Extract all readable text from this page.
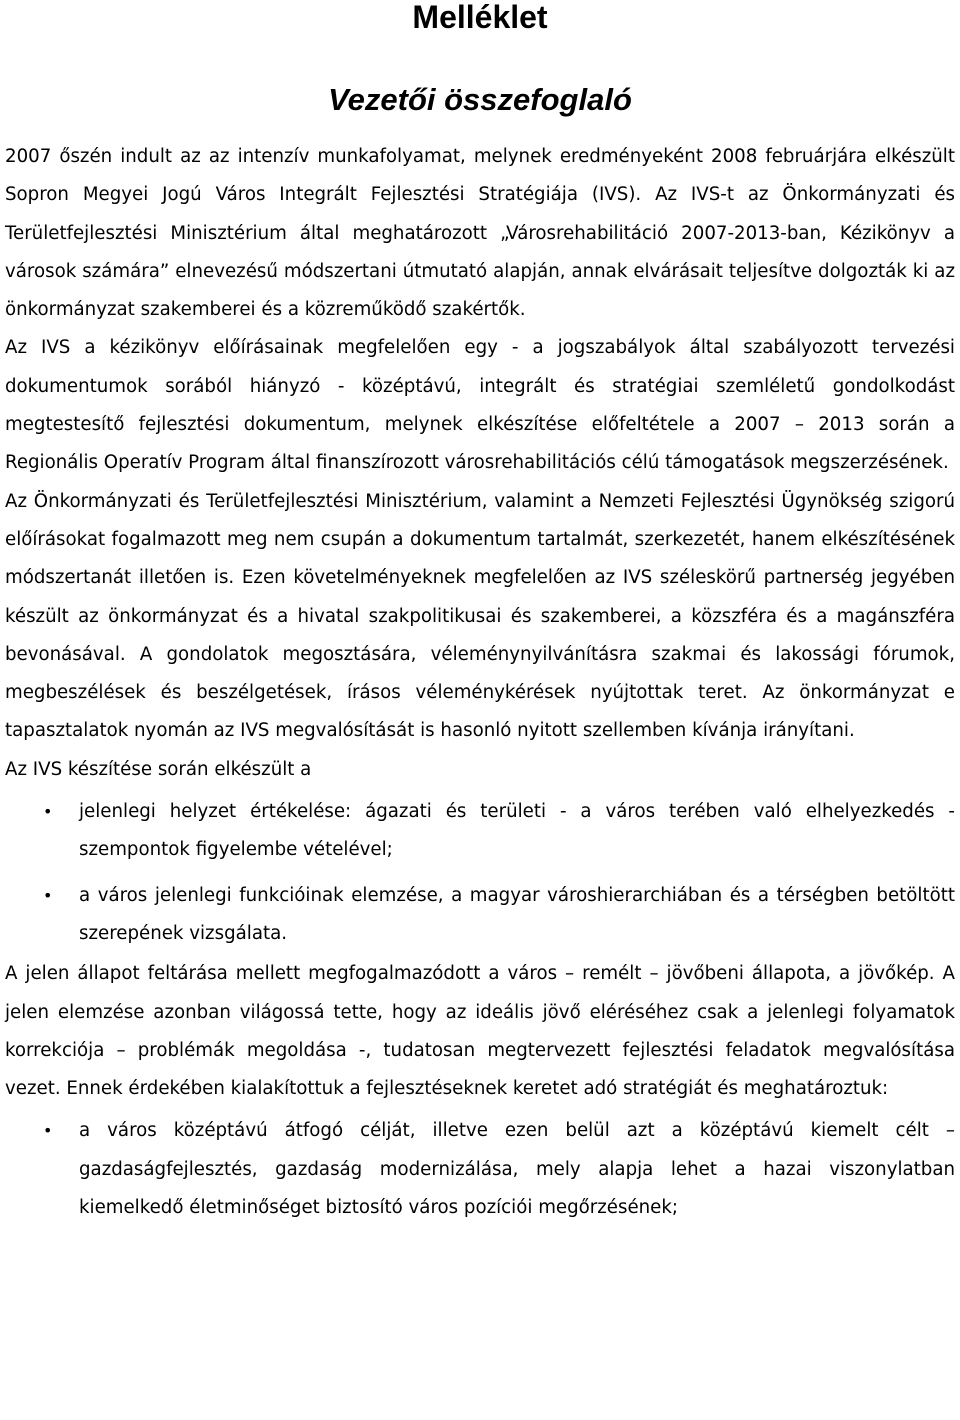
Melléklet
Vezetői összefoglaló

2007 őszén indult az az intenzív munkafolyamat, melynek eredményeként 2008 februárjára elkészült Sopron Megyei Jogú Város Integrált Fejlesztési Stratégiája (IVS). Az IVS-t az Önkormányzati és Területfejlesztési Minisztérium által meghatározott „Városrehabilitáció 2007-2013-ban, Kézikönyv a városok számára” elnevezésű módszertani útmutató alapján, annak elvárásait teljesítve dolgozták ki az önkormányzat szakemberei és a közreműködő szakértők.

Az IVS a kézikönyv előírásainak megfelelően egy - a jogszabályok által szabályozott tervezési dokumentumok sorából hiányzó - középtávú, integrált és stratégiai szemléletű gondolkodást megtestesítő fejlesztési dokumentum, melynek elkészítése előfeltétele a 2007 – 2013 során a Regionális Operatív Program által finanszírozott városrehabilitációs célú támogatások megszerzésének.

Az Önkormányzati és Területfejlesztési Minisztérium, valamint a Nemzeti Fejlesztési Ügynökség szigorú előírásokat fogalmazott meg nem csupán a dokumentum tartalmát, szerkezetét, hanem elkészítésének módszertanát illetően is. Ezen követelményeknek megfelelően az IVS széleskörű partnerség jegyében készült az önkormányzat és a hivatal szakpolitikusai és szakemberei, a közszféra és a magánszféra bevonásával. A gondolatok megosztására, véleménynyilvánításra szakmai és lakossági fórumok, megbeszélések és beszélgetések, írásos véleménykérések nyújtottak teret. Az önkormányzat e tapasztalatok nyomán az IVS megvalósítását is hasonló nyitott szellemben kívánja irányítani.

Az IVS készítése során elkészült a

• jelenlegi helyzet értékelése: ágazati és területi - a város terében való elhelyezkedés - szempontok figyelembe vételével;
• a város jelenlegi funkcióinak elemzése, a magyar városhierarchiában és a térségben betöltött szerepének vizsgálata.

A jelen állapot feltárása mellett megfogalmazódott a város – remélt – jövőbeni állapota, a jövőkép. A jelen elemzése azonban világossá tette, hogy az ideális jövő eléréséhez csak a jelenlegi folyamatok korrekciója – problémák megoldása -, tudatosan megtervezett fejlesztési feladatok megvalósítása vezet. Ennek érdekében kialakítottuk a fejlesztéseknek keretet adó stratégiát és meghatároztuk:

• a város középtávú átfogó célját, illetve ezen belül azt a középtávú kiemelt célt – gazdaságfejlesztés, gazdaság modernizálása, mely alapja lehet a hazai viszonylatban kiemelkedő életminőséget biztosító város pozíciói megőrzésének;
